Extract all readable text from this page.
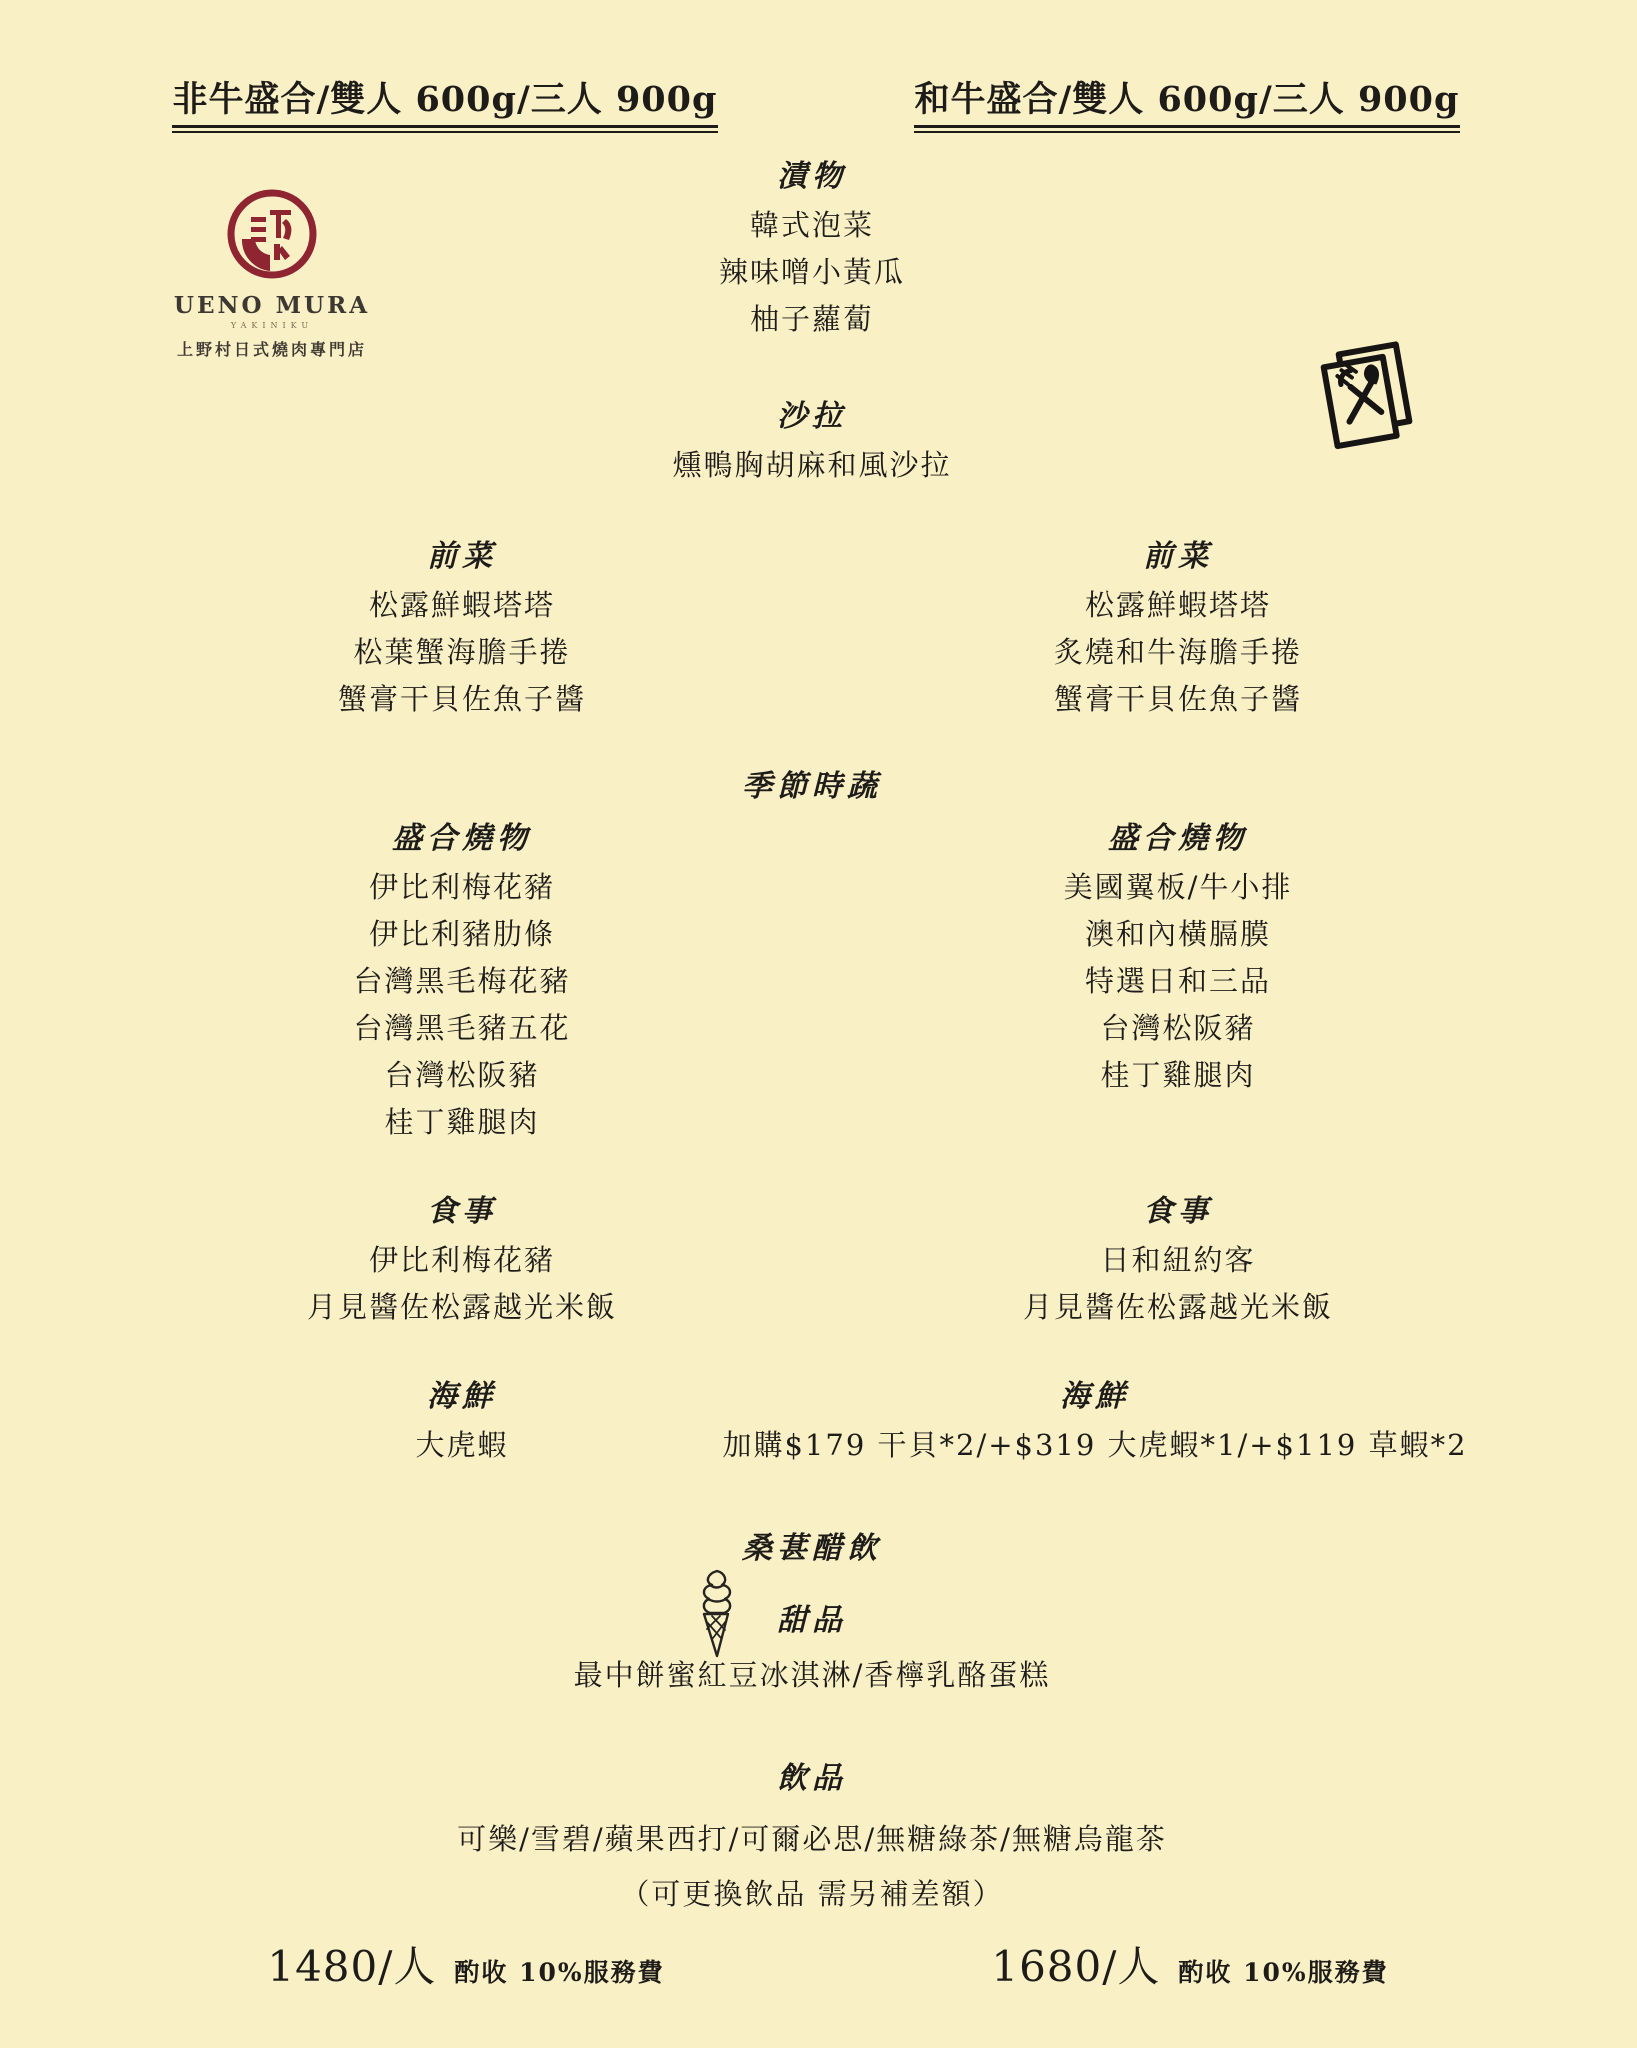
非牛盛合/雙人 600g/三人 900g	和牛盛合/雙人 600g/三人 900g
UENO MURA
YAKINIKU
上野村日式燒肉專門店
漬物
韓式泡菜
辣味噌小黃瓜
柚子蘿蔔
沙拉
燻鴨胸胡麻和風沙拉
前菜
松露鮮蝦塔塔
松葉蟹海膽手捲
蟹膏干貝佐魚子醬
前菜
松露鮮蝦塔塔
炙燒和牛海膽手捲
蟹膏干貝佐魚子醬
季節時蔬
盛合燒物
伊比利梅花豬
伊比利豬肋條
台灣黑毛梅花豬
台灣黑毛豬五花
台灣松阪豬
桂丁雞腿肉
盛合燒物
美國翼板/牛小排
澳和內橫膈膜
特選日和三品
台灣松阪豬
桂丁雞腿肉
食事
伊比利梅花豬
月見醬佐松露越光米飯
食事
日和紐約客
月見醬佐松露越光米飯
海鮮
大虎蝦
海鮮
加購$179 干貝*2/+$319 大虎蝦*1/+$119 草蝦*2
桑葚醋飲
甜品
最中餅蜜紅豆冰淇淋/香檸乳酪蛋糕
飲品
可樂/雪碧/蘋果西打/可爾必思/無糖綠茶/無糖烏龍茶
（可更換飲品 需另補差額）
1480/人 酌收 10%服務費	1680/人 酌收 10%服務費
